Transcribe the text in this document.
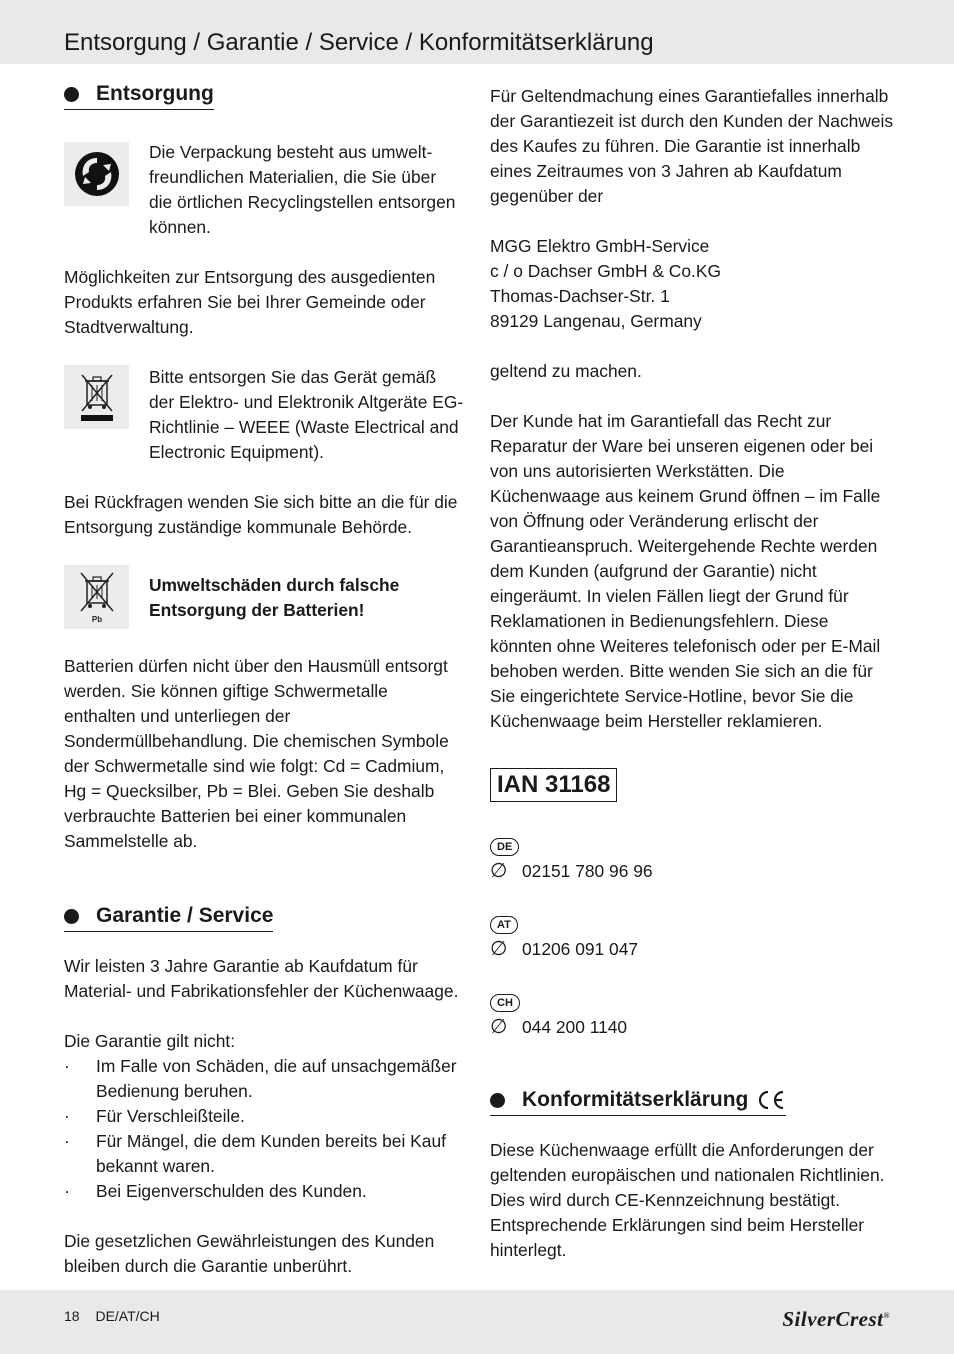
Entsorgung / Garantie / Service / Konformitätserklärung
Entsorgung

Die Verpackung besteht aus umwelt-freundlichen Materialien, die Sie über die örtlichen Recyclingstellen entsorgen können.

Möglichkeiten zur Entsorgung des ausgedienten Produkts erfahren Sie bei Ihrer Gemeinde oder Stadtverwaltung.

Bitte entsorgen Sie das Gerät gemäß der Elektro- und Elektronik Altgeräte EG-Richtlinie – WEEE (Waste Electrical and Electronic Equipment).

Bei Rückfragen wenden Sie sich bitte an die für die Entsorgung zuständige kommunale Behörde.

Pb

Umweltschäden durch falsche Entsorgung der Batterien!

Batterien dürfen nicht über den Hausmüll entsorgt werden. Sie können giftige Schwermetalle enthalten und unterliegen der Sondermüllbehandlung. Die chemischen Symbole der Schwermetalle sind wie folgt: Cd = Cadmium, Hg = Quecksilber, Pb = Blei. Geben Sie deshalb verbrauchte Batterien bei einer kommunalen Sammelstelle ab.

Garantie / Service

Wir leisten 3 Jahre Garantie ab Kaufdatum für Material- und Fabrikationsfehler der Küchenwaage.

Die Garantie gilt nicht:

· Im Falle von Schäden, die auf unsachgemäßer Bedienung beruhen.
· Für Verschleißteile.
· Für Mängel, die dem Kunden bereits bei Kauf bekannt waren.
· Bei Eigenverschulden des Kunden.

Die gesetzlichen Gewährleistungen des Kunden bleiben durch die Garantie unberührt.

Für Geltendmachung eines Garantiefalles innerhalb der Garantiezeit ist durch den Kunden der Nachweis des Kaufes zu führen. Die Garantie ist innerhalb eines Zeitraumes von 3 Jahren ab Kaufdatum gegenüber der

MGG Elektro GmbH-Service

c / o Dachser GmbH & Co.KG

Thomas-Dachser-Str. 1

89129 Langenau, Germany

geltend zu machen.

Der Kunde hat im Garantiefall das Recht zur Reparatur der Ware bei unseren eigenen oder bei von uns autorisierten Werkstätten. Die Küchenwaage aus keinem Grund öffnen – im Falle von Öffnung oder Veränderung erlischt der Garantieanspruch. Weitergehende Rechte werden dem Kunden (aufgrund der Garantie) nicht eingeräumt. In vielen Fällen liegt der Grund für Reklamationen in Bedienungsfehlern. Diese könnten ohne Weiteres telefonisch oder per E-Mail behoben werden. Bitte wenden Sie sich an die für Sie eingerichtete Service-Hotline, bevor Sie die Küchenwaage beim Hersteller reklamieren.

IAN 31168
DE
∅ 02151 780 96 96
AT
∅ 01206 091 047
CH
∅ 044 200 1140
Konformitätserklärung

Diese Küchenwaage erfüllt die Anforderungen der geltenden europäischen und nationalen Richtlinien. Dies wird durch CE-Kennzeichnung bestätigt. Entsprechende Erklärungen sind beim Hersteller hinterlegt.

18 DE/AT/CH	SilverCrest®
